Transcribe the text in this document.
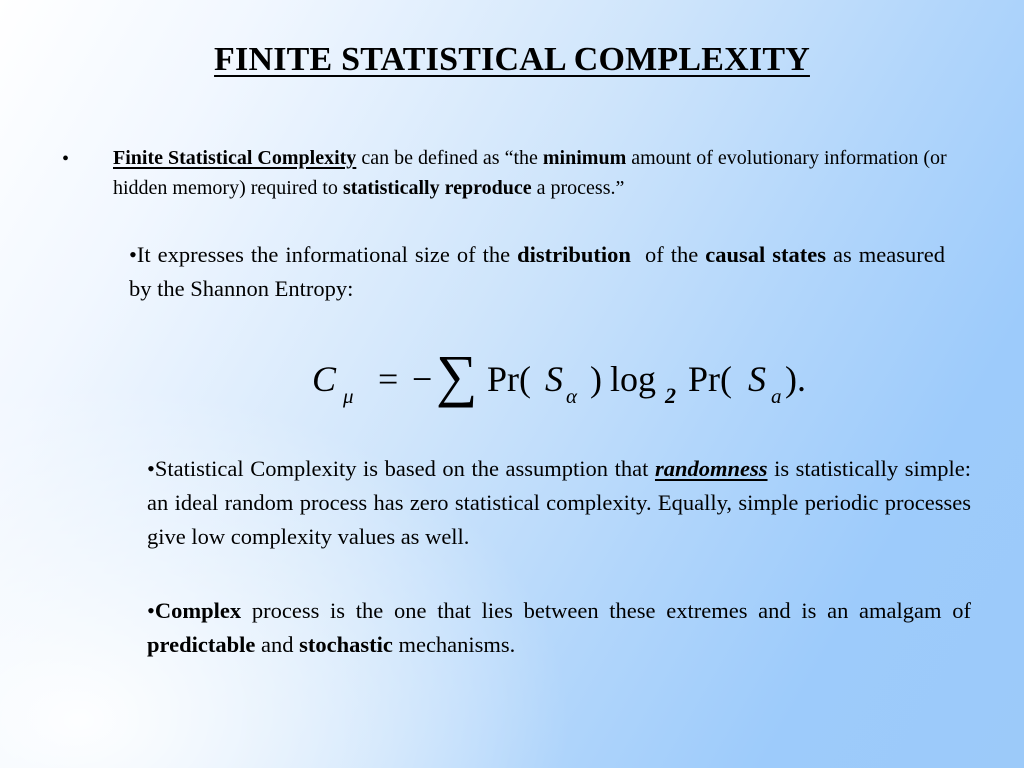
FINITE STATISTICAL COMPLEXITY
• Finite Statistical Complexity can be defined as “the minimum amount of evolutionary information (or hidden memory) required to statistically reproduce a process.”
•It expresses the informational size of the distribution  of the causal states as measured by the Shannon Entropy:
C μ = − ∑ Pr( S α ) log 2 Pr( S a ).
•Statistical Complexity is based on the assumption that randomness is statistically simple: an ideal random process has zero statistical complexity. Equally, simple periodic processes give low complexity values as well.
•Complex process is the one that lies between these extremes and is an amalgam of predictable and stochastic mechanisms.
